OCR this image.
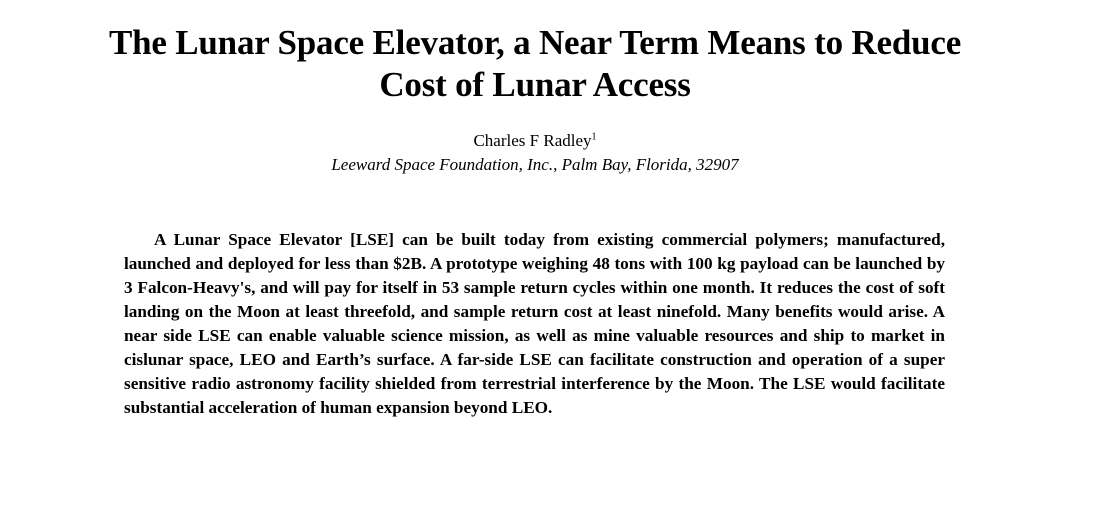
The Lunar Space Elevator, a Near Term Means to Reduce
Cost of Lunar Access
Charles F Radley$^1$
Leeward Space Foundation, Inc., Palm Bay, Florida, 32907

A Lunar Space Elevator [LSE] can be built today from existing commercial polymers; manufactured, launched and deployed for less than $2B. A prototype weighing 48 tons with 100 kg payload can be launched by 3 Falcon-Heavy's, and will pay for itself in 53 sample return cycles within one month. It reduces the cost of soft landing on the Moon at least threefold, and sample return cost at least ninefold. Many benefits would arise. A near side LSE can enable valuable science mission, as well as mine valuable resources and ship to market in cislunar space, LEO and Earth’s surface. A far-side LSE can facilitate construction and operation of a super sensitive radio astronomy facility shielded from terrestrial interference by the Moon. The LSE would facilitate substantial acceleration of human expansion beyond LEO.
